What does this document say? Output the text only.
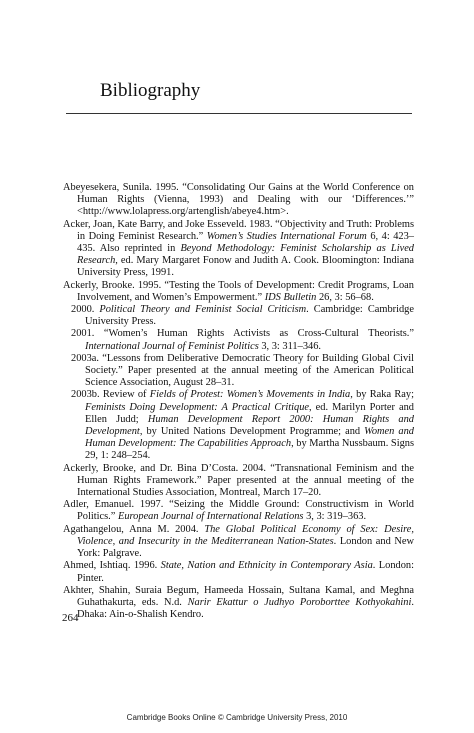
Bibliography

Abeyesekera, Sunila. 1995. “Consolidating Our Gains at the World Conference on Human Rights (Vienna, 1993) and Dealing with our ‘Differences.’” <http://www.lolapress.org/artenglish/abeye4.htm>.

Acker, Joan, Kate Barry, and Joke Esseveld. 1983. “Objectivity and Truth: Problems in Doing Feminist Research.” Women’s Studies International Forum 6, 4: 423–435. Also reprinted in Beyond Methodology: Feminist Scholarship as Lived Research, ed. Mary Margaret Fonow and Judith A. Cook. Bloomington: Indiana University Press, 1991.

Ackerly, Brooke. 1995. “Testing the Tools of Development: Credit Programs, Loan Involvement, and Women’s Empowerment.” IDS Bulletin 26, 3: 56–68.

2000. Political Theory and Feminist Social Criticism. Cambridge: Cambridge University Press.

2001. “Women’s Human Rights Activists as Cross-Cultural Theorists.” International Journal of Feminist Politics 3, 3: 311–346.

2003a. “Lessons from Deliberative Democratic Theory for Building Global Civil Society.” Paper presented at the annual meeting of the American Political Science Association, August 28–31.

2003b. Review of Fields of Protest: Women’s Movements in India, by Raka Ray; Feminists Doing Development: A Practical Critique, ed. Marilyn Porter and Ellen Judd; Human Development Report 2000: Human Rights and Development, by United Nations Development Programme; and Women and Human Development: The Capabilities Approach, by Martha Nussbaum. Signs 29, 1: 248–254.

Ackerly, Brooke, and Dr. Bina D’Costa. 2004. “Transnational Feminism and the Human Rights Framework.” Paper presented at the annual meeting of the International Studies Association, Montreal, March 17–20.

Adler, Emanuel. 1997. “Seizing the Middle Ground: Constructivism in World Politics.” European Journal of International Relations 3, 3: 319–363.

Agathangelou, Anna M. 2004. The Global Political Economy of Sex: Desire, Violence, and Insecurity in the Mediterranean Nation-States. London and New York: Palgrave.

Ahmed, Ishtiaq. 1996. State, Nation and Ethnicity in Contemporary Asia. London: Pinter.

Akhter, Shahin, Suraia Begum, Hameeda Hossain, Sultana Kamal, and Meghna Guhathakurta, eds. N.d. Narir Ekattur o Judhyo Poroborttee Kothyokahini. Dhaka: Ain-o-Shalish Kendro.

264
Cambridge Books Online © Cambridge University Press, 2010
